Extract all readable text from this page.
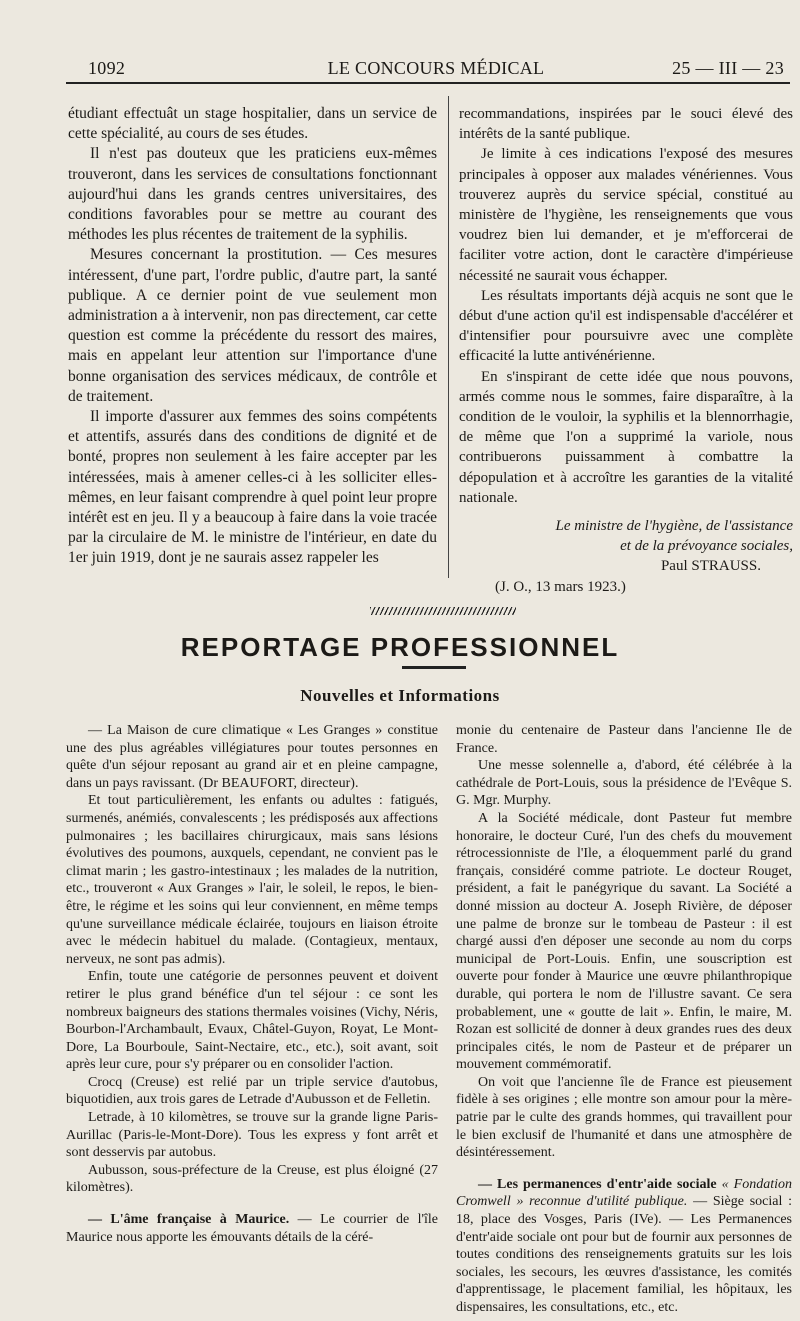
1092	LE CONCOURS MÉDICAL	25 — III — 23

étudiant effectuât un stage hospitalier, dans un service de cette spécialité, au cours de ses études.

Il n'est pas douteux que les praticiens eux-mêmes trouveront, dans les services de consultations fonctionnant aujourd'hui dans les grands centres universitaires, des conditions favorables pour se mettre au courant des méthodes les plus récentes de traitement de la syphilis.

Mesures concernant la prostitution. — Ces mesures intéressent, d'une part, l'ordre public, d'autre part, la santé publique. A ce dernier point de vue seulement mon administration a à intervenir, non pas directement, car cette question est comme la précédente du ressort des maires, mais en appelant leur attention sur l'importance d'une bonne organisation des services médicaux, de contrôle et de traitement.

Il importe d'assurer aux femmes des soins compétents et attentifs, assurés dans des conditions de dignité et de bonté, propres non seulement à les faire accepter par les intéressées, mais à amener celles-ci à les solliciter elles-mêmes, en leur faisant comprendre à quel point leur propre intérêt est en jeu. Il y a beaucoup à faire dans la voie tracée par la circulaire de M. le ministre de l'intérieur, en date du 1er juin 1919, dont je ne saurais assez rappeler les

recommandations, inspirées par le souci élevé des intérêts de la santé publique.

Je limite à ces indications l'exposé des mesures principales à opposer aux malades vénériennes. Vous trouverez auprès du service spécial, constitué au ministère de l'hygiène, les renseignements que vous voudrez bien lui demander, et je m'efforcerai de faciliter votre action, dont le caractère d'impérieuse nécessité ne saurait vous échapper.

Les résultats importants déjà acquis ne sont que le début d'une action qu'il est indispensable d'accélérer et d'intensifier pour poursuivre avec une complète efficacité la lutte antivénérienne.

En s'inspirant de cette idée que nous pouvons, armés comme nous le sommes, faire disparaître, à la condition de le vouloir, la syphilis et la blennorrhagie, de même que l'on a supprimé la variole, nous contribuerons puissamment à combattre la dépopulation et à accroître les garanties de la vitalité nationale.

Le ministre de l'hygiène, de l'assistance

et de la prévoyance sociales,

Paul STRAUSS.

(J. O., 13 mars 1923.)

REPORTAGE PROFESSIONNEL
Nouvelles et Informations

— La Maison de cure climatique « Les Granges » constitue une des plus agréables villégiatures pour toutes personnes en quête d'un séjour reposant au grand air et en pleine campagne, dans un pays ravissant. (Dr BEAUFORT, directeur).

Et tout particulièrement, les enfants ou adultes : fatigués, surmenés, anémiés, convalescents ; les prédisposés aux affections pulmonaires ; les bacillaires chirurgicaux, mais sans lésions évolutives des poumons, auxquels, cependant, ne convient pas le climat marin ; les gastro-intestinaux ; les malades de la nutrition, etc., trouveront « Aux Granges » l'air, le soleil, le repos, le bien-être, le régime et les soins qui leur conviennent, en même temps qu'une surveillance médicale éclairée, toujours en liaison étroite avec le médecin habituel du malade. (Contagieux, mentaux, nerveux, ne sont pas admis).

Enfin, toute une catégorie de personnes peuvent et doivent retirer le plus grand bénéfice d'un tel séjour : ce sont les nombreux baigneurs des stations thermales voisines (Vichy, Néris, Bourbon-l'Archambault, Evaux, Châtel-Guyon, Royat, Le Mont-Dore, La Bourboule, Saint-Nectaire, etc., etc.), soit avant, soit après leur cure, pour s'y préparer ou en consolider l'action.

Crocq (Creuse) est relié par un triple service d'autobus, biquotidien, aux trois gares de Letrade d'Aubusson et de Felletin.

Letrade, à 10 kilomètres, se trouve sur la grande ligne Paris-Aurillac (Paris-le-Mont-Dore). Tous les express y font arrêt et sont desservis par autobus.

Aubusson, sous-préfecture de la Creuse, est plus éloigné (27 kilomètres).

— L'âme française à Maurice. — Le courrier de l'île Maurice nous apporte les émouvants détails de la céré-

monie du centenaire de Pasteur dans l'ancienne Ile de France.

Une messe solennelle a, d'abord, été célébrée à la cathédrale de Port-Louis, sous la présidence de l'Evêque S. G. Mgr. Murphy.

A la Société médicale, dont Pasteur fut membre honoraire, le docteur Curé, l'un des chefs du mouvement rétrocessionniste de l'Ile, a éloquemment parlé du grand français, considéré comme patriote. Le docteur Rouget, président, a fait le panégyrique du savant. La Société a donné mission au docteur A. Joseph Rivière, de déposer une palme de bronze sur le tombeau de Pasteur : il est chargé aussi d'en déposer une seconde au nom du corps municipal de Port-Louis. Enfin, une souscription est ouverte pour fonder à Maurice une œuvre philanthropique durable, qui portera le nom de l'illustre savant. Ce sera probablement, une « goutte de lait ». Enfin, le maire, M. Rozan est sollicité de donner à deux grandes rues des deux principales cités, le nom de Pasteur et de préparer un mouvement commémoratif.

On voit que l'ancienne île de France est pieusement fidèle à ses origines ; elle montre son amour pour la mère-patrie par le culte des grands hommes, qui travaillent pour le bien exclusif de l'humanité et dans une atmosphère de désintéressement.

— Les permanences d'entr'aide sociale « Fondation Cromwell » reconnue d'utilité publique. — Siège social : 18, place des Vosges, Paris (IVe). — Les Permanences d'entr'aide sociale ont pour but de fournir aux personnes de toutes conditions des renseignements gratuits sur les lois sociales, les secours, les œuvres d'assistance, les comités d'apprentissage, le placement familial, les hôpitaux, les dispensaires, les consultations, etc., etc.
